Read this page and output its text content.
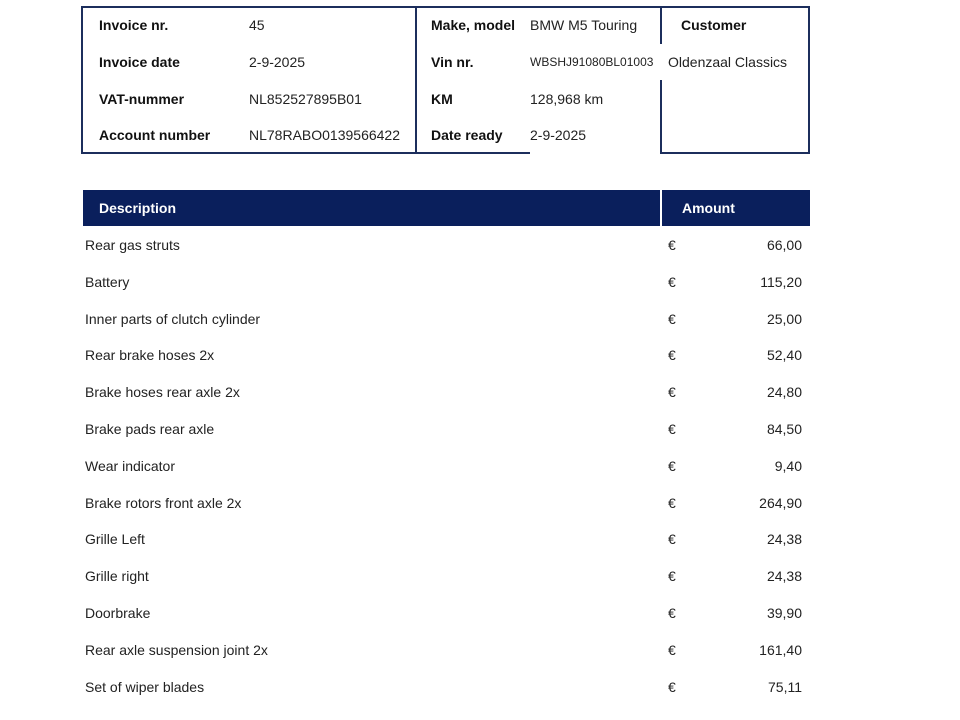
Invoice nr.	45
Invoice date	2-9-2025
VAT-nummer	NL852527895B01
Account number	NL78RABO0139566422
Make, model BMW M5 Touring
Vin nr.	WBSHJ91080BL01003
KM	128,968 km
Date ready 2-9-2025
Customer
Oldenzaal Classics
Description	Amount
Rear gas struts	€	66,00
Battery	€	115,20
Inner parts of clutch cylinder	€	25,00
Rear brake hoses 2x	€	52,40
Brake hoses rear axle 2x	€	24,80
Brake pads rear axle	€	84,50
Wear indicator	€	9,40
Brake rotors front axle 2x	€	264,90
Grille Left	€	24,38
Grille right	€	24,38
Doorbrake	€	39,90
Rear axle suspension joint 2x	€	161,40
Set of wiper blades	€	75,11
